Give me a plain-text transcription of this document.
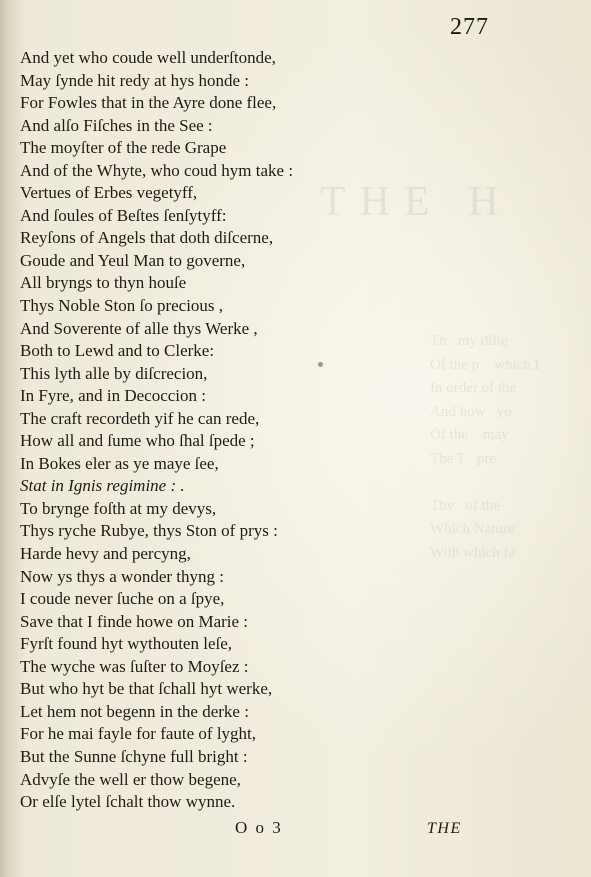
THE H
Th   my dilig
Of the p    which I
In order of the
And how   yo
Of the    may
The T   pre

Thy   of the
Which Nature
With which fa

277
And yet who coude well underſtonde,
May ſynde hit redy at hys honde :
For Fowles that in the Ayre done flee,
And alſo Fiſches in the See :
The moyſter of the rede Grape
And of the Whyte, who coud hym take :
Vertues of Erbes vegetyff,
And ſoules of Beſtes ſenſytyff:
Reyſons of Angels that doth diſcerne,
Goude and Yeul Man to governe,
All bryngs to thyn houſe
Thys Noble Ston ſo precious ,
And Soverente of alle thys Werke ,
Both to Lewd and to Clerke:
This lyth alle by diſcrecion,
In Fyre, and in Decoccion :
The craft recordeth yif he can rede,
How all and ſume who ſhal ſpede ;
In Bokes eler as ye maye ſee,
Stat in Ignis regimine : .
To brynge foſth at my devys,
Thys ryche Rubye, thys Ston of prys :
Harde hevy and percyng,
Now ys thys a wonder thyng :
I coude never ſuche on a ſpye,
Save that I finde howe on Marie :
Fyrſt found hyt wythouten leſe,
The wyche was ſuſter to Moyſez :
But who hyt be that ſchall hyt werke,
Let hem not begenn in the derke :
For he mai fayle for faute of lyght,
But the Sunne ſchyne full bright :
Advyſe the well er thow begene,
Or elſe lytel ſchalt thow wynne.
O o 3	THE
